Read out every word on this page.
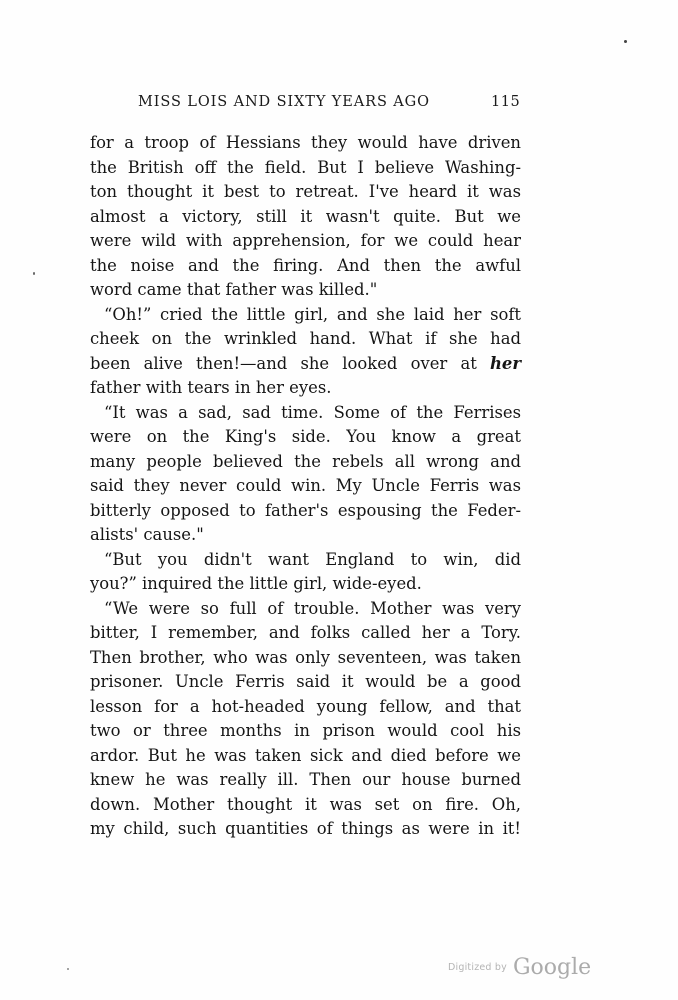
MISS LOIS AND SIXTY YEARS AGO	115
for a troop of Hessians they would have driven
the British off the field. But I believe Washing-
ton thought it best to retreat. I've heard it was
almost a victory, still it wasn't quite. But we
were wild with apprehension, for we could hear
the noise and the firing. And then the awful
word came that father was killed."
“Oh!” cried the little girl, and she laid her soft
cheek on the wrinkled hand. What if she had
been alive then!—and she looked over at her
father with tears in her eyes.
“It was a sad, sad time. Some of the Ferrises
were on the King's side. You know a great
many people believed the rebels all wrong and
said they never could win. My Uncle Ferris was
bitterly opposed to father's espousing the Feder-
alists' cause."
“But you didn't want England to win, did
you?” inquired the little girl, wide-eyed.
“We were so full of trouble. Mother was very
bitter, I remember, and folks called her a Tory.
Then brother, who was only seventeen, was taken
prisoner. Uncle Ferris said it would be a good
lesson for a hot-headed young fellow, and that
two or three months in prison would cool his
ardor. But he was taken sick and died before we
knew he was really ill. Then our house burned
down. Mother thought it was set on fire. Oh,
my child, such quantities of things as were in it!
$^{Digitized by}$ Google
